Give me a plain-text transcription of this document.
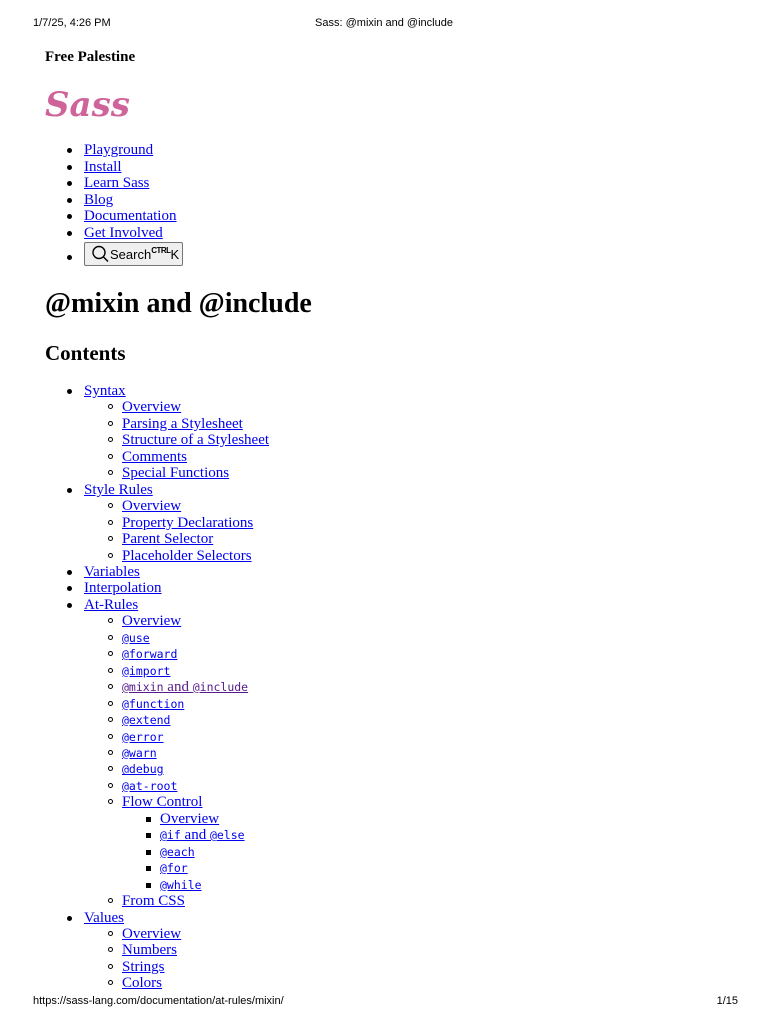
1/7/25, 4:26 PM	Sass: @mixin and @include
Free Palestine
Sass
Playground
Install
Learn Sass
Blog
Documentation
Get Involved
Search CTRL K
@mixin and @include
Contents
Syntax
Overview
Parsing a Stylesheet
Structure of a Stylesheet
Comments
Special Functions
Style Rules
Overview
Property Declarations
Parent Selector
Placeholder Selectors
Variables
Interpolation
At-Rules
Overview
@use
@forward
@import
@mixin and @include
@function
@extend
@error
@warn
@debug
@at-root
Flow Control
Overview
@if and @else
@each
@for
@while
From CSS
Values
Overview
Numbers
Strings
Colors
https://sass-lang.com/documentation/at-rules/mixin/	1/15
